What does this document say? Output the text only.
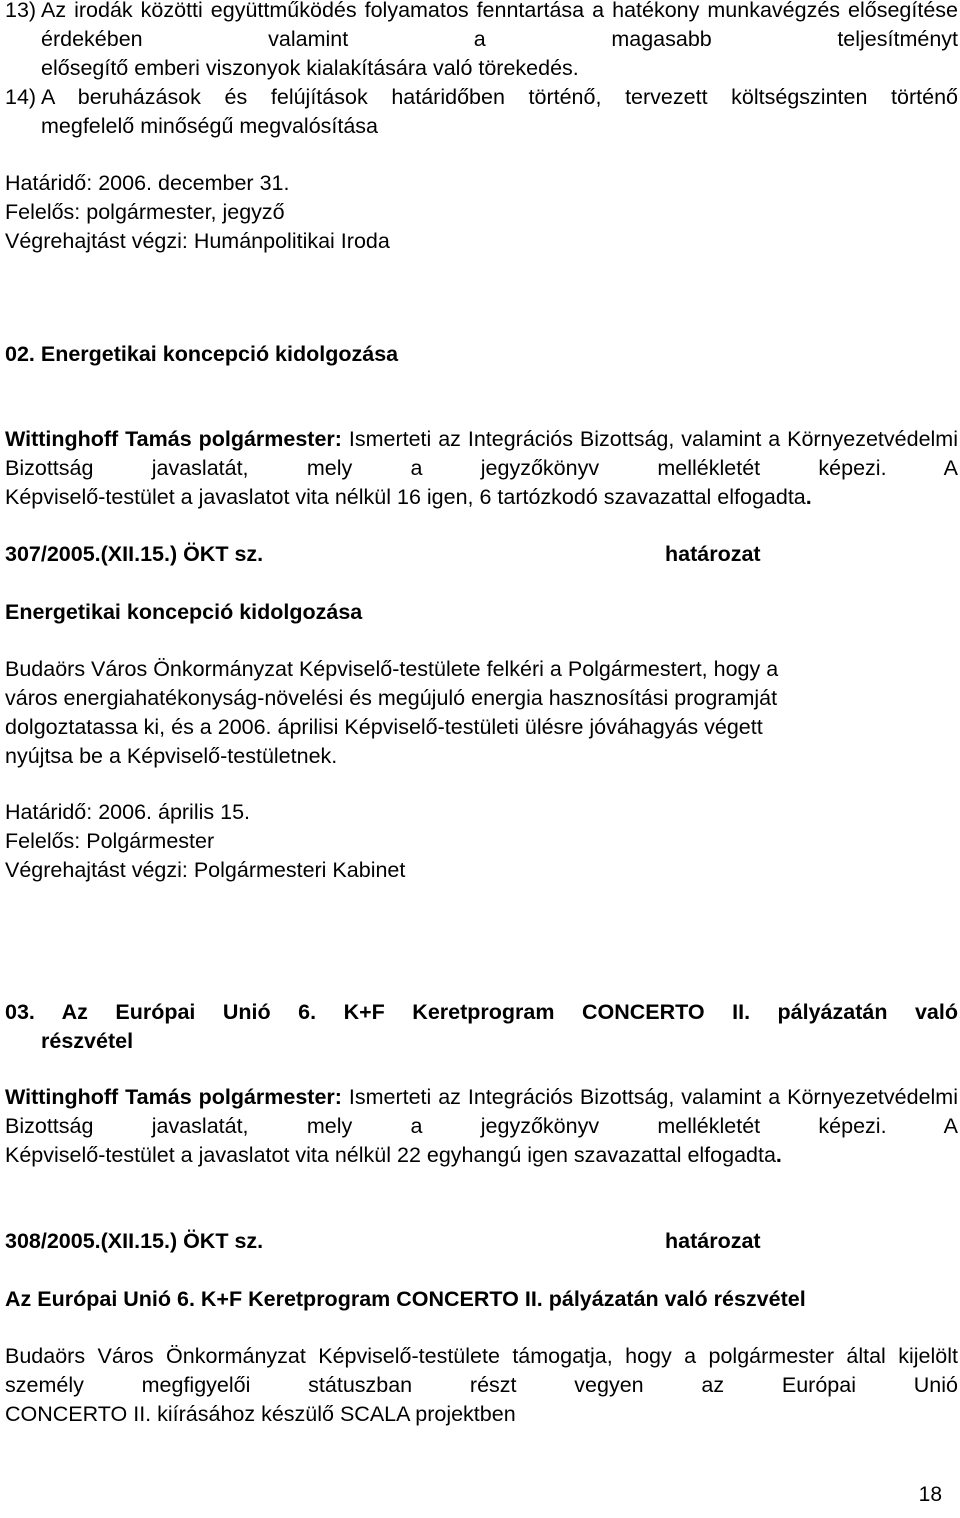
13) Az irodák közötti együttműködés folyamatos fenntartása a hatékony munkavégzés elősegítése érdekében valamint a magasabb teljesítményt
elősegítő emberi viszonyok kialakítására való törekedés.
14) A beruházások és felújítások határidőben történő, tervezett költségszinten történő
megfelelő minőségű megvalósítása
Határidő: 2006. december 31.
Felelős: polgármester, jegyző
Végrehajtást végzi: Humánpolitikai Iroda
02. Energetikai koncepció kidolgozása
Wittinghoff Tamás polgármester: Ismerteti az Integrációs Bizottság, valamint a Környezetvédelmi Bizottság javaslatát, mely a jegyzőkönyv mellékletét képezi. A
Képviselő-testület a javaslatot vita nélkül 16 igen, 6 tartózkodó szavazattal elfogadta.
307/2005.(XII.15.) ÖKT sz.	határozat
Energetikai koncepció kidolgozása
Budaörs Város Önkormányzat Képviselő-testülete felkéri a Polgármestert, hogy a
város energiahatékonyság-növelési és megújuló energia hasznosítási programját
dolgoztatassa ki, és a 2006. áprilisi Képviselő-testületi ülésre jóváhagyás végett
nyújtsa be a Képviselő-testületnek.
Határidő: 2006. április 15.
Felelős: Polgármester
Végrehajtást végzi: Polgármesteri Kabinet
03. Az Európai Unió 6. K+F Keretprogram CONCERTO II. pályázatán való
részvétel
Wittinghoff Tamás polgármester: Ismerteti az Integrációs Bizottság, valamint a Környezetvédelmi Bizottság javaslatát, mely a jegyzőkönyv mellékletét képezi. A
Képviselő-testület a javaslatot vita nélkül 22 egyhangú igen szavazattal elfogadta.
308/2005.(XII.15.) ÖKT sz.	határozat
Az Európai Unió 6. K+F Keretprogram CONCERTO II. pályázatán való részvétel
Budaörs Város Önkormányzat Képviselő-testülete támogatja, hogy a polgármester által kijelölt személy megfigyelői státuszban részt vegyen az Európai Unió
CONCERTO II. kiírásához készülő SCALA projektben
18
